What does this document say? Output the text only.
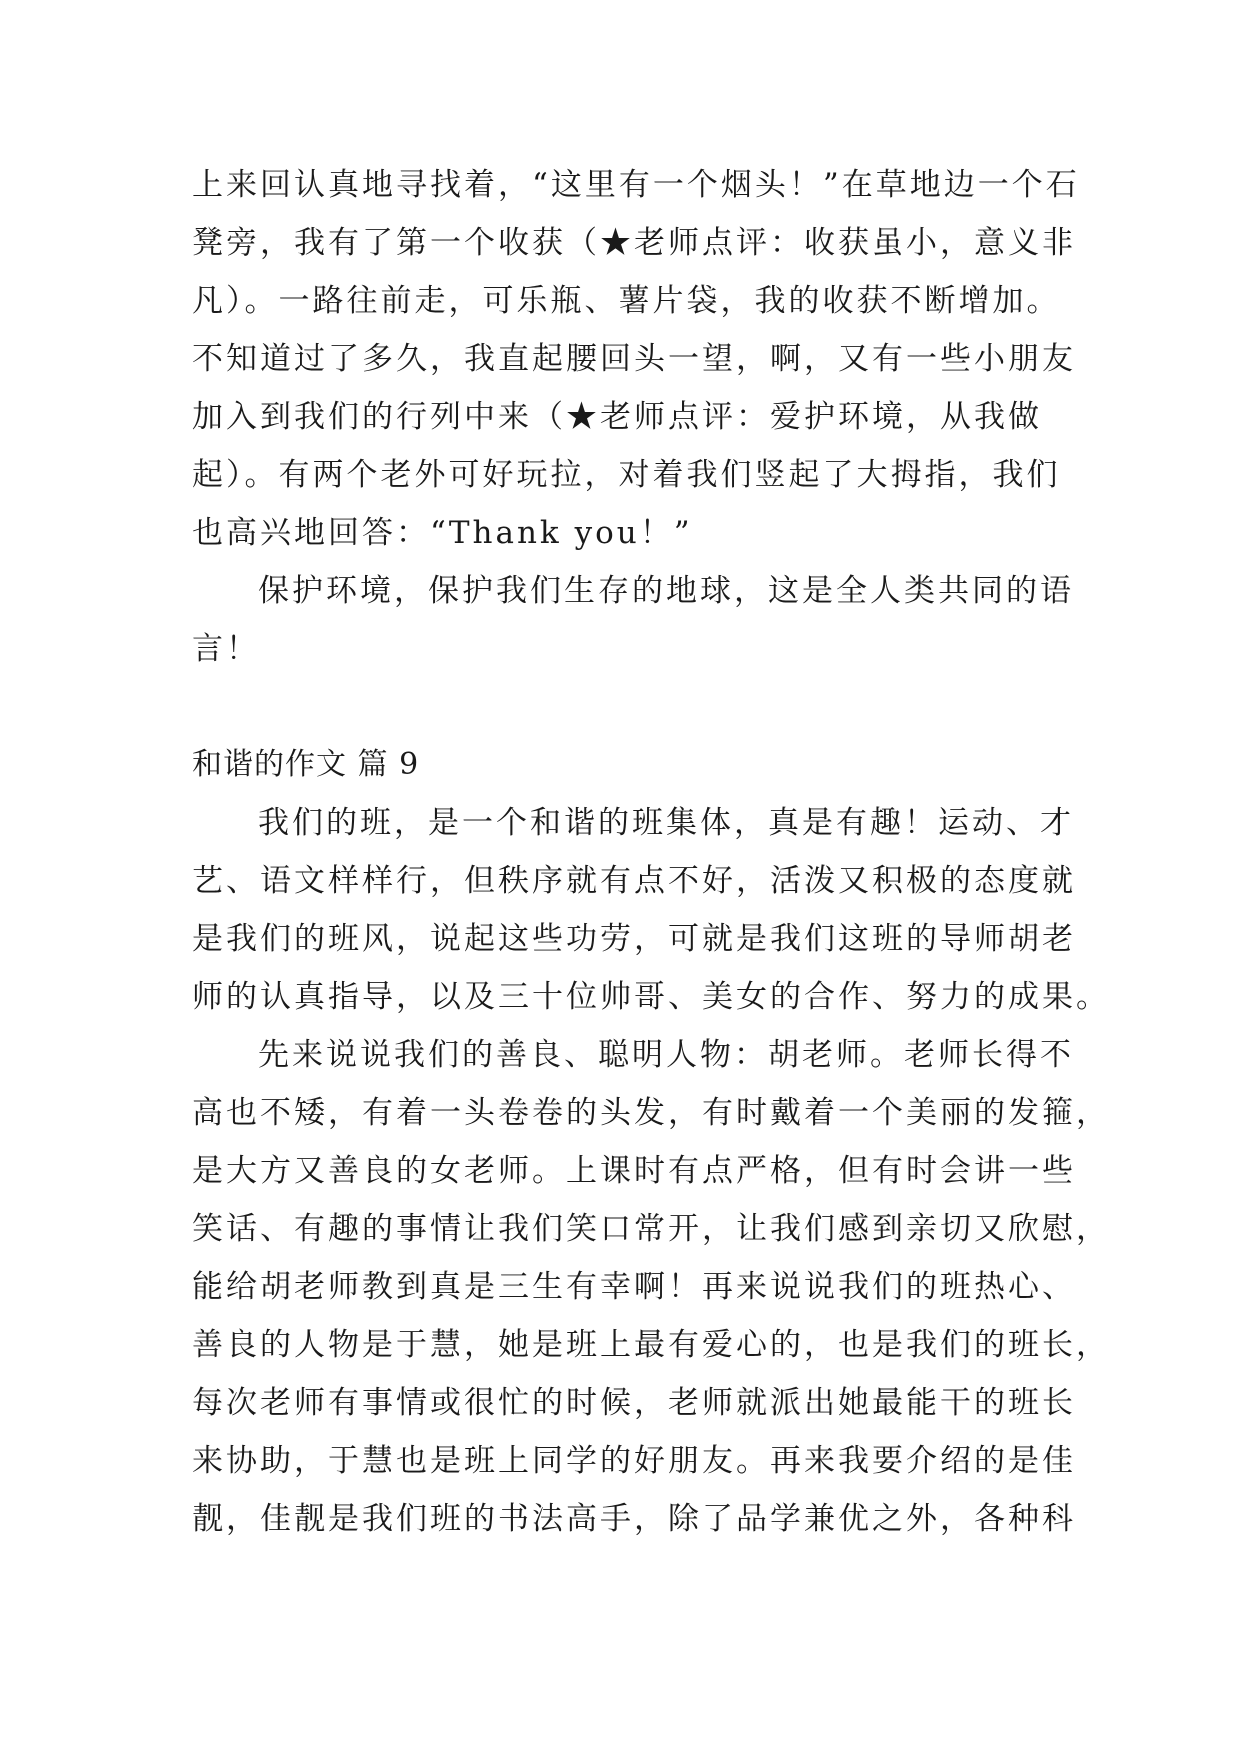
上来回认真地寻找着，“这里有一个烟头！”在草地边一个石
凳旁，我有了第一个收获（★老师点评：收获虽小，意义非
凡）。一路往前走，可乐瓶、薯片袋，我的收获不断增加。
不知道过了多久，我直起腰回头一望，啊，又有一些小朋友
加入到我们的行列中来（★老师点评：爱护环境，从我做
起）。有两个老外可好玩拉，对着我们竖起了大拇指，我们
也高兴地回答：“Thank you！”
保护环境，保护我们生存的地球，这是全人类共同的语
言！
和谐的作文 篇 9
我们的班，是一个和谐的班集体，真是有趣！运动、才
艺、语文样样行，但秩序就有点不好，活泼又积极的态度就
是我们的班风，说起这些功劳，可就是我们这班的导师胡老
师的认真指导，以及三十位帅哥、美女的合作、努力的成果。
先来说说我们的善良、聪明人物：胡老师。老师长得不
高也不矮，有着一头卷卷的头发，有时戴着一个美丽的发箍，
是大方又善良的女老师。上课时有点严格，但有时会讲一些
笑话、有趣的事情让我们笑口常开，让我们感到亲切又欣慰，
能给胡老师教到真是三生有幸啊！再来说说我们的班热心、
善良的人物是于慧，她是班上最有爱心的，也是我们的班长，
每次老师有事情或很忙的时候，老师就派出她最能干的班长
来协助，于慧也是班上同学的好朋友。再来我要介绍的是佳
靓，佳靓是我们班的书法高手，除了品学兼优之外，各种科
